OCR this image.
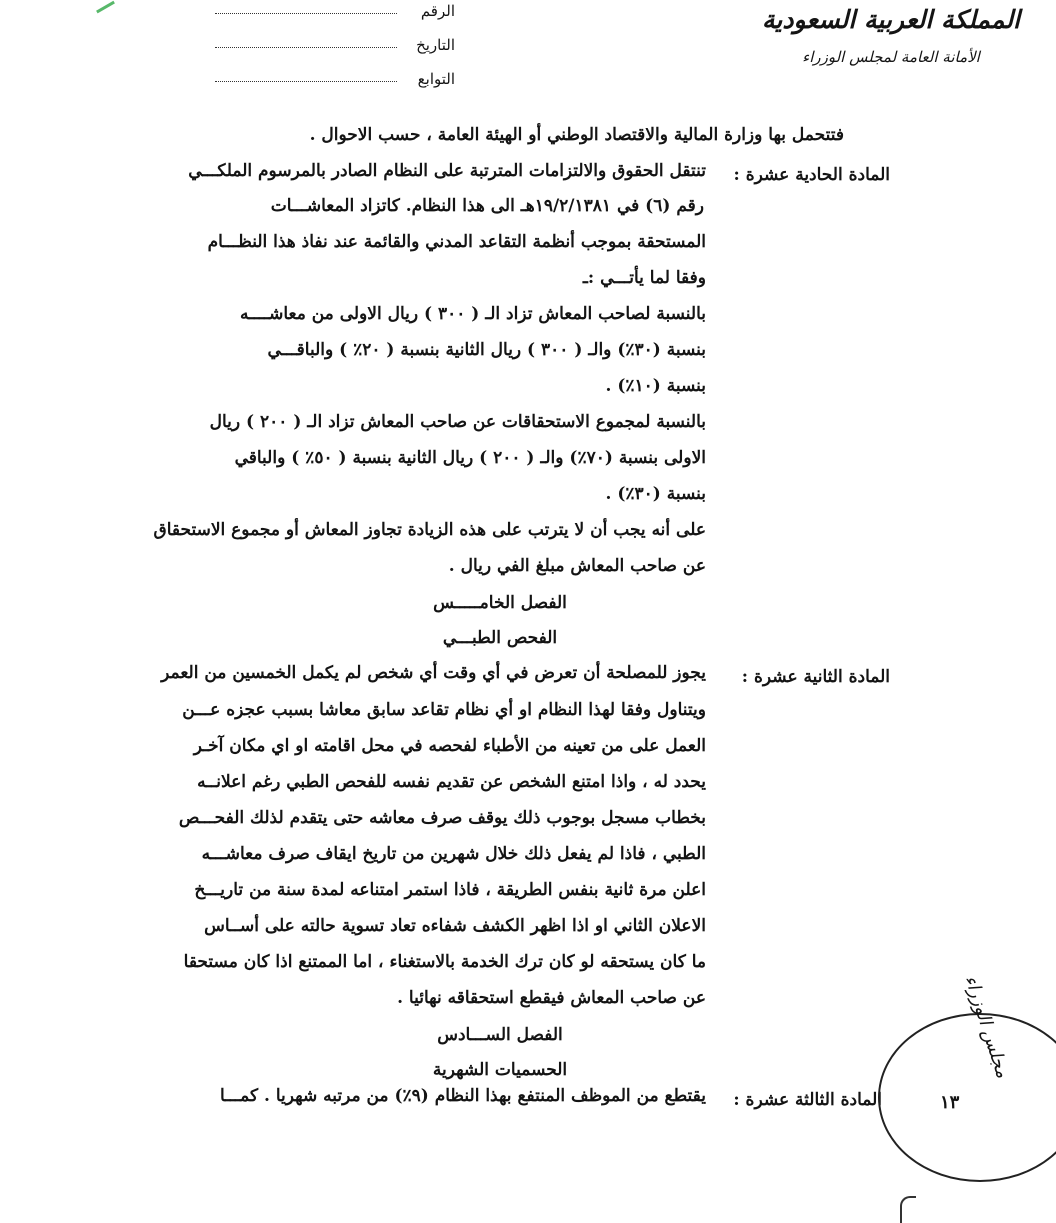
المملكة العربية السعودية
الأمانة العامة لمجلس الوزراء
الرقم
التاريخ
التوابع
فتتحمل بها وزارة المالية والاقتصاد الوطني أو الهيئة العامة ، حسب الاحوال .
المادة الحادية عشرة :
تنتقل الحقوق والالتزامات المترتبة على النظام الصادر بالمرسوم الملكـــي
رقم (٦) في ١٩/٢/١٣٨١هـ الى هذا النظام. كاتزاد المعاشـــات
المستحقة بموجب أنظمة التقاعد المدني والقائمة عند نفاذ هذا النظـــام
وفقا لما يأتـــي :ـ
بالنسبة لصاحب المعاش تزاد الـ ( ٣٠٠ ) ريال الاولى من معاشــــه
بنسبة (٣٠٪) والـ ( ٣٠٠ ) ريال الثانية بنسبة ( ٢٠٪ ) والباقـــي
بنسبة (١٠٪) .
بالنسبة لمجموع الاستحقاقات عن صاحب المعاش تزاد الـ ( ٢٠٠ ) ريال
الاولى بنسبة (٧٠٪) والـ ( ٢٠٠ ) ريال الثانية بنسبة ( ٥٠٪ ) والباقي
بنسبة (٣٠٪) .
على أنه يجب أن لا يترتب على هذه الزيادة تجاوز المعاش أو مجموع الاستحقاق
عن صاحب المعاش مبلغ الفي ريال .
الفصل الخامـــــس
الفحص الطبـــي
المادة الثانية عشرة :
يجوز للمصلحة أن تعرض في أي وقت أي شخص لم يكمل الخمسين من العمر
ويتناول وفقا لهذا النظام او أي نظام تقاعد سابق معاشا بسبب عجزه عـــن
العمل على من تعينه من الأطباء لفحصه في محل اقامته او اي مكان آخـر
يحدد له ، واذا امتنع الشخص عن تقديم نفسه للفحص الطبي رغم اعلانــه
بخطاب مسجل بوجوب ذلك يوقف صرف معاشه حتى يتقدم لذلك الفحـــص
الطبي ، فاذا لم يفعل ذلك خلال شهرين من تاريخ ايقاف صرف معاشـــه
اعلن مرة ثانية بنفس الطريقة ، فاذا استمر امتناعه لمدة سنة من تاريـــخ
الاعلان الثاني او اذا اظهر الكشف شفاءه تعاد تسوية حالته على أســاس
ما كان يستحقه لو كان ترك الخدمة بالاستغناء ، اما الممتنع اذا كان مستحقا
عن صاحب المعاش فيقطع استحقاقه نهائيا .
الفصل الســـادس
الحسميات الشهرية
المادة الثالثة عشرة :
يقتطع من الموظف المنتفع بهذا النظام (٩٪) من مرتبه شهريا . كمـــا
مجلس الوزراء
١٣
